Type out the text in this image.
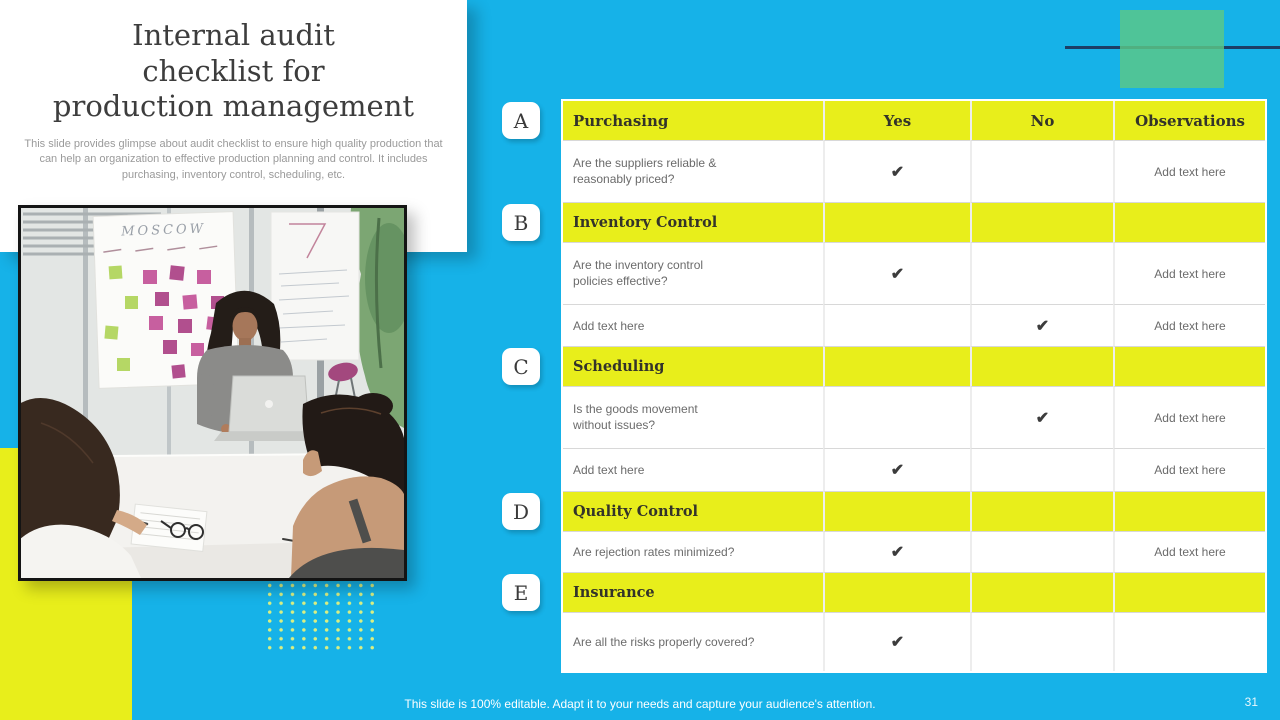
Internal audit
checklist for
production management

This slide provides glimpse about audit checklist to ensure high quality production that can help an organization to effective production planning and control. It includes purchasing, inventory control, scheduling, etc.

MOSCOW
A
B
C
D
E
Purchasing	Yes	No	Observations
Are the suppliers reliable & reasonably priced?	✔		Add text here
Inventory Control			
Are the inventory control policies effective?	✔		Add text here
Add text here		✔	Add text here
Scheduling			
Is the goods movement without issues?		✔	Add text here
Add text here	✔		Add text here
Quality Control			
Are rejection rates minimized?	✔		Add text here
Insurance			
Are all the risks properly covered?	✔		
This slide is 100% editable. Adapt it to your needs and capture your audience's attention.	31
